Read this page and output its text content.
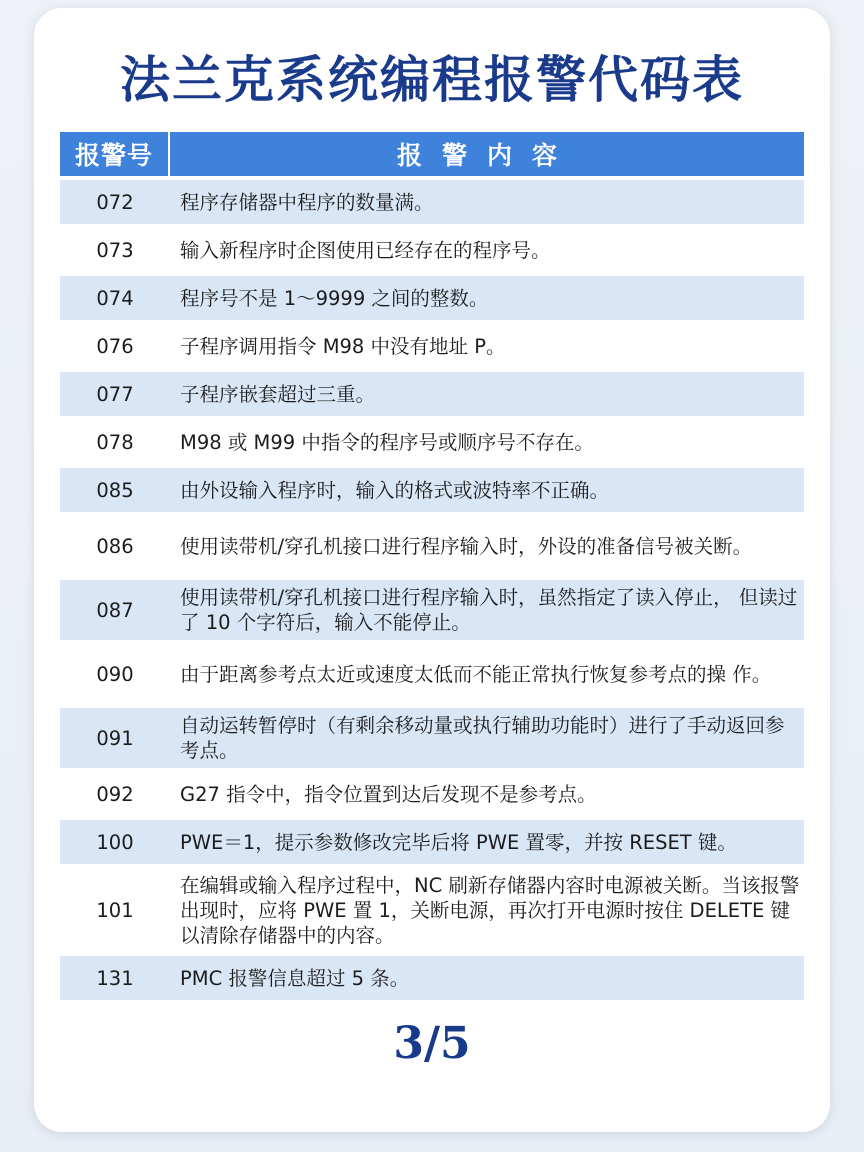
法兰克系统编程报警代码表
报警号	报警内容
072	程序存储器中程序的数量满。
073	输入新程序时企图使用已经存在的程序号。
074	程序号不是 1～9999 之间的整数。
076	子程序调用指令 M98 中没有地址 P。
077	子程序嵌套超过三重。
078	M98 或 M99 中指令的程序号或顺序号不存在。
085	由外设输入程序时，输入的格式或波特率不正确。
086	使用读带机/穿孔机接口进行程序输入时，外设的准备信号被关断。
087	使用读带机/穿孔机接口进行程序输入时，虽然指定了读入停止， 但读过了 10 个字符后，输入不能停止。
090	由于距离参考点太近或速度太低而不能正常执行恢复参考点的操 作。
091	自动运转暂停时（有剩余移动量或执行辅助功能时）进行了手动返回参考点。
092	G27 指令中，指令位置到达后发现不是参考点。
100	PWE＝1，提示参数修改完毕后将 PWE 置零，并按 RESET 键。
101	在编辑或输入程序过程中，NC 刷新存储器内容时电源被关断。当该报警出现时，应将 PWE 置 1，关断电源，再次打开电源时按住 DELETE 键以清除存储器中的内容。
131	PMC 报警信息超过 5 条。
3/5
